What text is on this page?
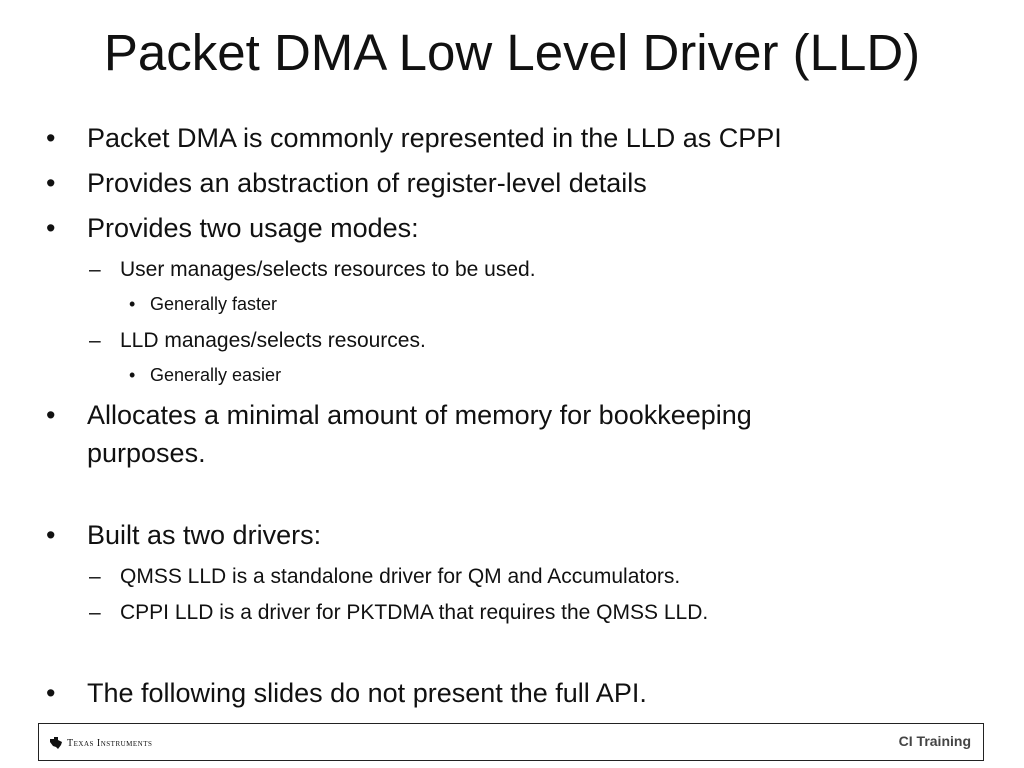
Packet DMA Low Level Driver (LLD)
• Packet DMA is commonly represented in the LLD as CPPI
• Provides an abstraction of register-level details
• Provides two usage modes:
– User manages/selects resources to be used.
• Generally faster
– LLD manages/selects resources.
• Generally easier
• Allocates a minimal amount of memory for bookkeeping
purposes.
• Built as two drivers:
– QMSS LLD is a standalone driver for QM and Accumulators.
– CPPI LLD is a driver for PKTDMA that requires the QMSS LLD.
• The following slides do not present the full API.
Texas Instruments	CI Training
